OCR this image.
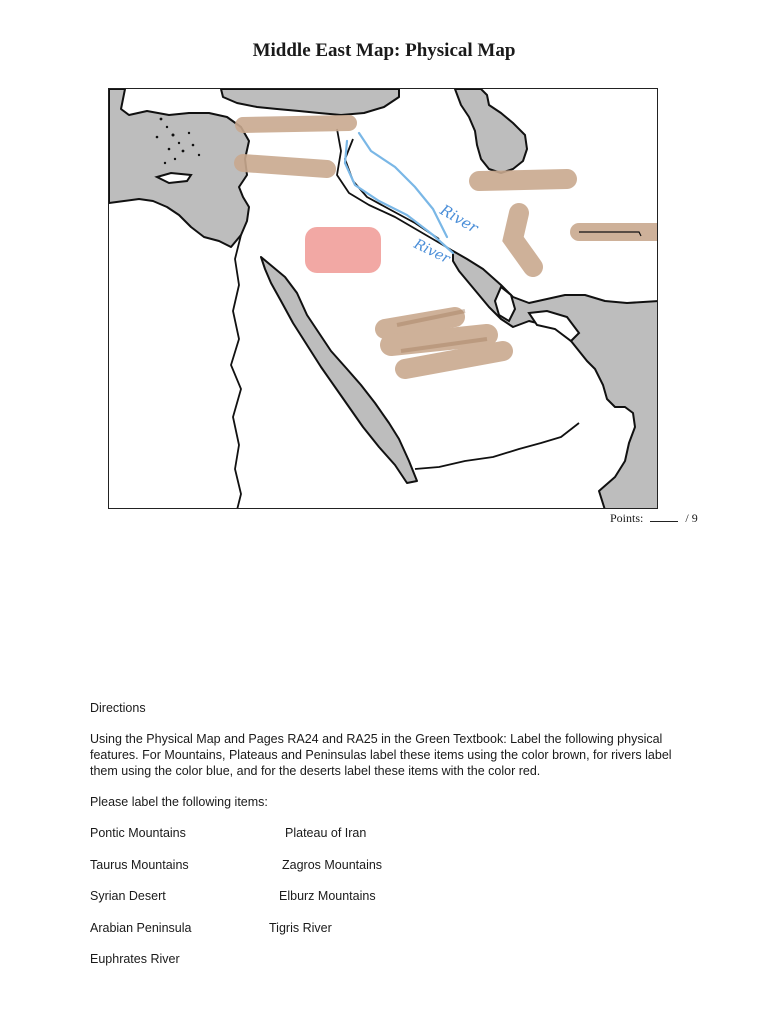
Middle East Map: Physical Map
River
River
Points:	/ 9

Directions

Using the Physical Map and Pages RA24 and RA25 in the Green Textbook: Label the following physical features. For Mountains, Plateaus and Peninsulas label these items using the color brown, for rivers label them using the color blue, and for the deserts label these items with the color red.

Please label the following items:

Pontic Mountains	Plateau of Iran
Taurus Mountains	Zagros Mountains
Syrian Desert	Elburz Mountains
Arabian Peninsula	Tigris River
Euphrates River
